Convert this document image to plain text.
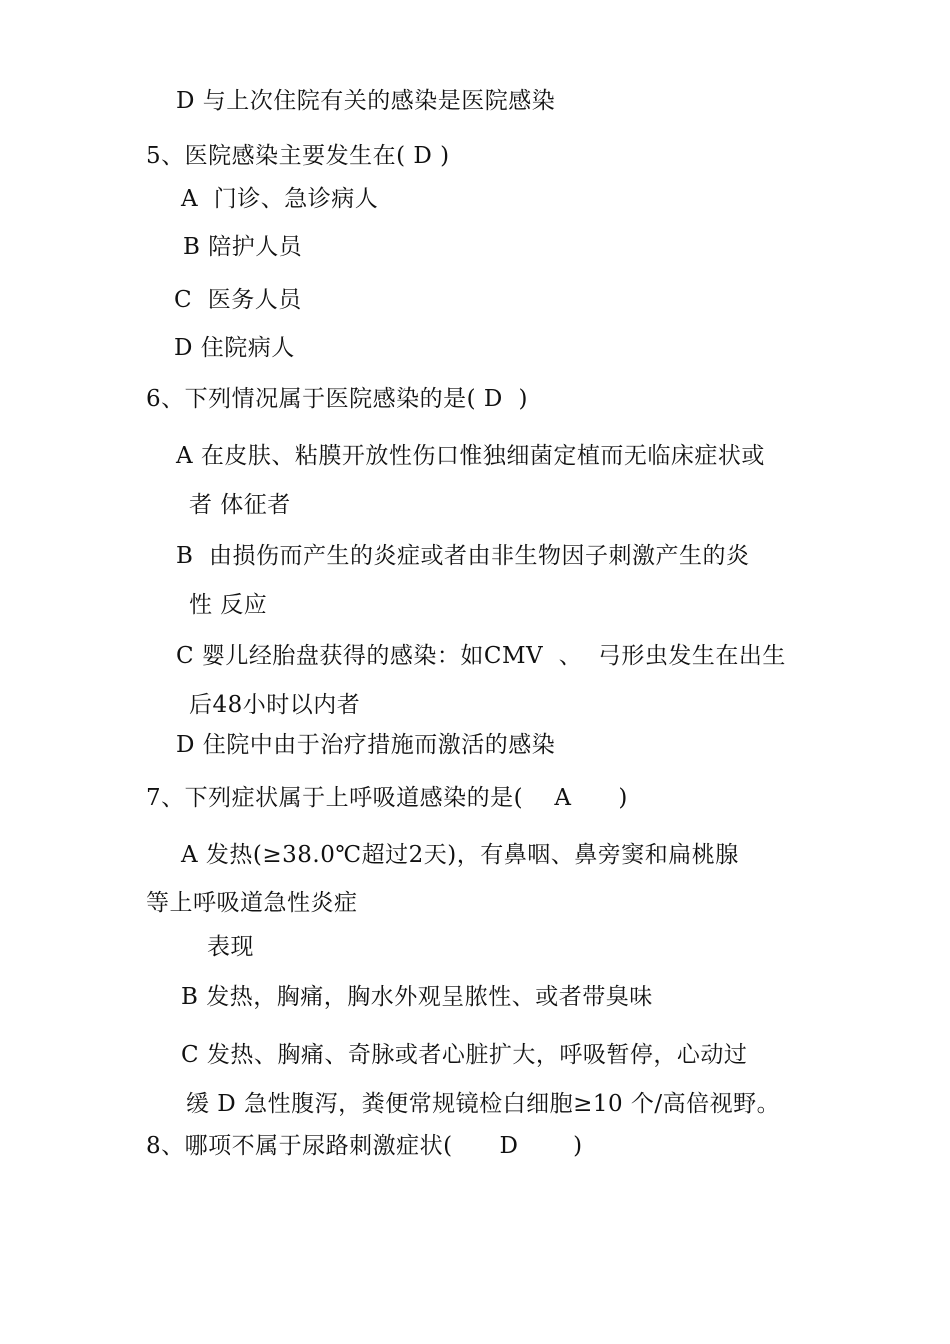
D 与上次住院有关的感染是医院感染
5、医院感染主要发生在( D )
A  门诊、急诊病人
B 陪护人员
C  医务人员
D 住院病人
6、下列情况属于医院感染的是( D  )
A 在皮肤、粘膜开放性伤口惟独细菌定植而无临床症状或
者 体征者
B  由损伤而产生的炎症或者由非生物因子刺激产生的炎
性 反应
C 婴儿经胎盘获得的感染：如CMV  、  弓形虫发生在出生
后48小时以内者
D 住院中由于治疗措施而激活的感染
7、下列症状属于上呼吸道感染的是(    A      )
A 发热(≥38.0℃超过2天)，有鼻咽、鼻旁窦和扁桃腺
等上呼吸道急性炎症
表现
B 发热，胸痛，胸水外观呈脓性、或者带臭味
C 发热、胸痛、奇脉或者心脏扩大，呼吸暂停，心动过
缓 D 急性腹泻，粪便常规镜检白细胞≥10 个/高倍视野。
8、哪项不属于尿路刺激症状(      D       )
